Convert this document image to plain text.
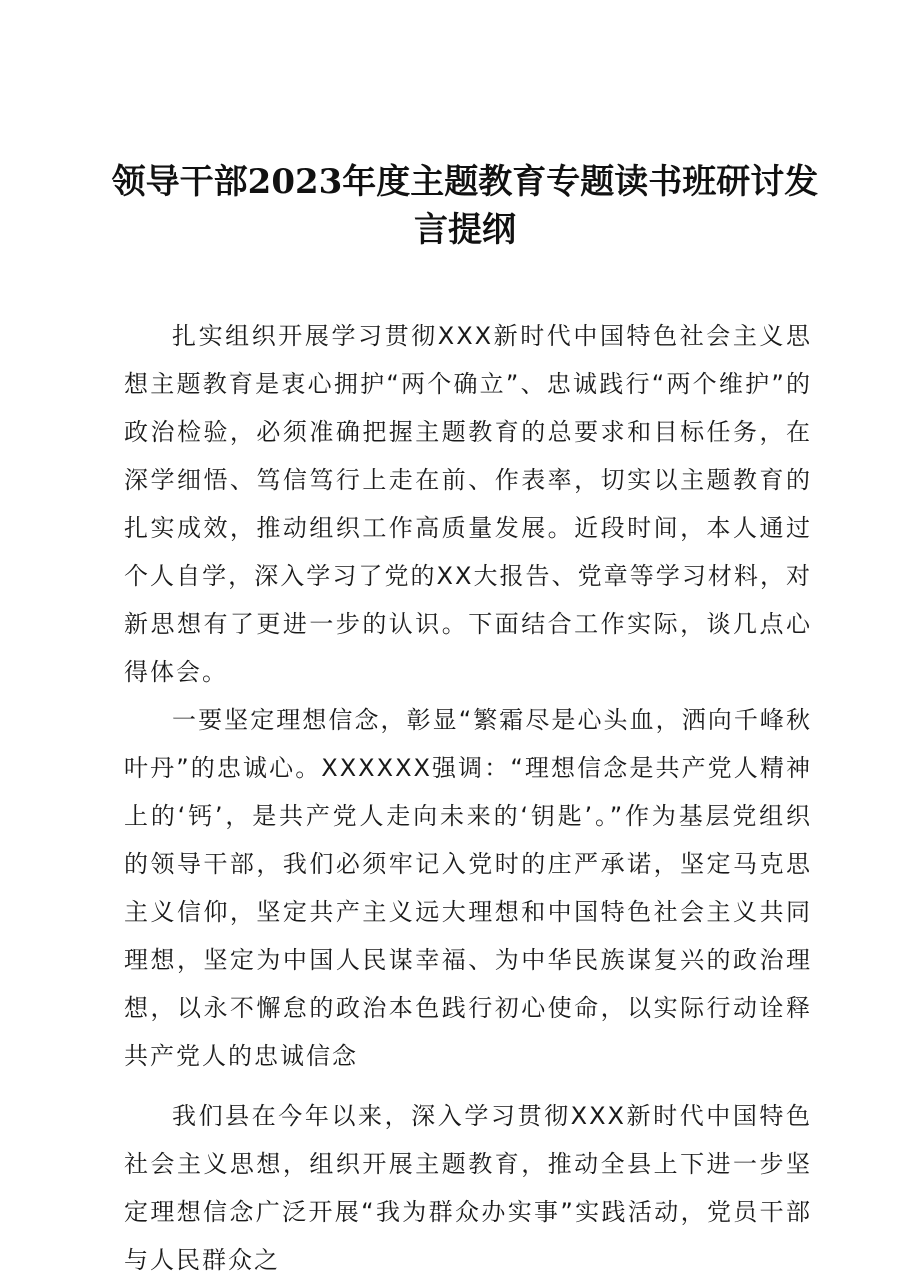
领导干部2023年度主题教育专题读书班研讨发言提纲

扎实组织开展学习贯彻XXX新时代中国特色社会主义思想主题教育是衷心拥护“两个确立”、忠诚践行“两个维护”的政治检验，必须准确把握主题教育的总要求和目标任务，在深学细悟、笃信笃行上走在前、作表率，切实以主题教育的扎实成效，推动组织工作高质量发展。近段时间，本人通过个人自学，深入学习了党的XX大报告、党章等学习材料，对新思想有了更进一步的认识。下面结合工作实际，谈几点心得体会。

一要坚定理想信念，彰显“繁霜尽是心头血，洒向千峰秋叶丹”的忠诚心。XXXXXX强调：“理想信念是共产党人精神上的‘钙’，是共产党人走向未来的‘钥匙’。”作为基层党组织的领导干部，我们必须牢记入党时的庄严承诺，坚定马克思主义信仰，坚定共产主义远大理想和中国特色社会主义共同理想，坚定为中国人民谋幸福、为中华民族谋复兴的政治理想，以永不懈怠的政治本色践行初心使命，以实际行动诠释共产党人的忠诚信念

我们县在今年以来，深入学习贯彻XXX新时代中国特色社会主义思想，组织开展主题教育，推动全县上下进一步坚定理想信念广泛开展“我为群众办实事”实践活动，党员干部与人民群众之
